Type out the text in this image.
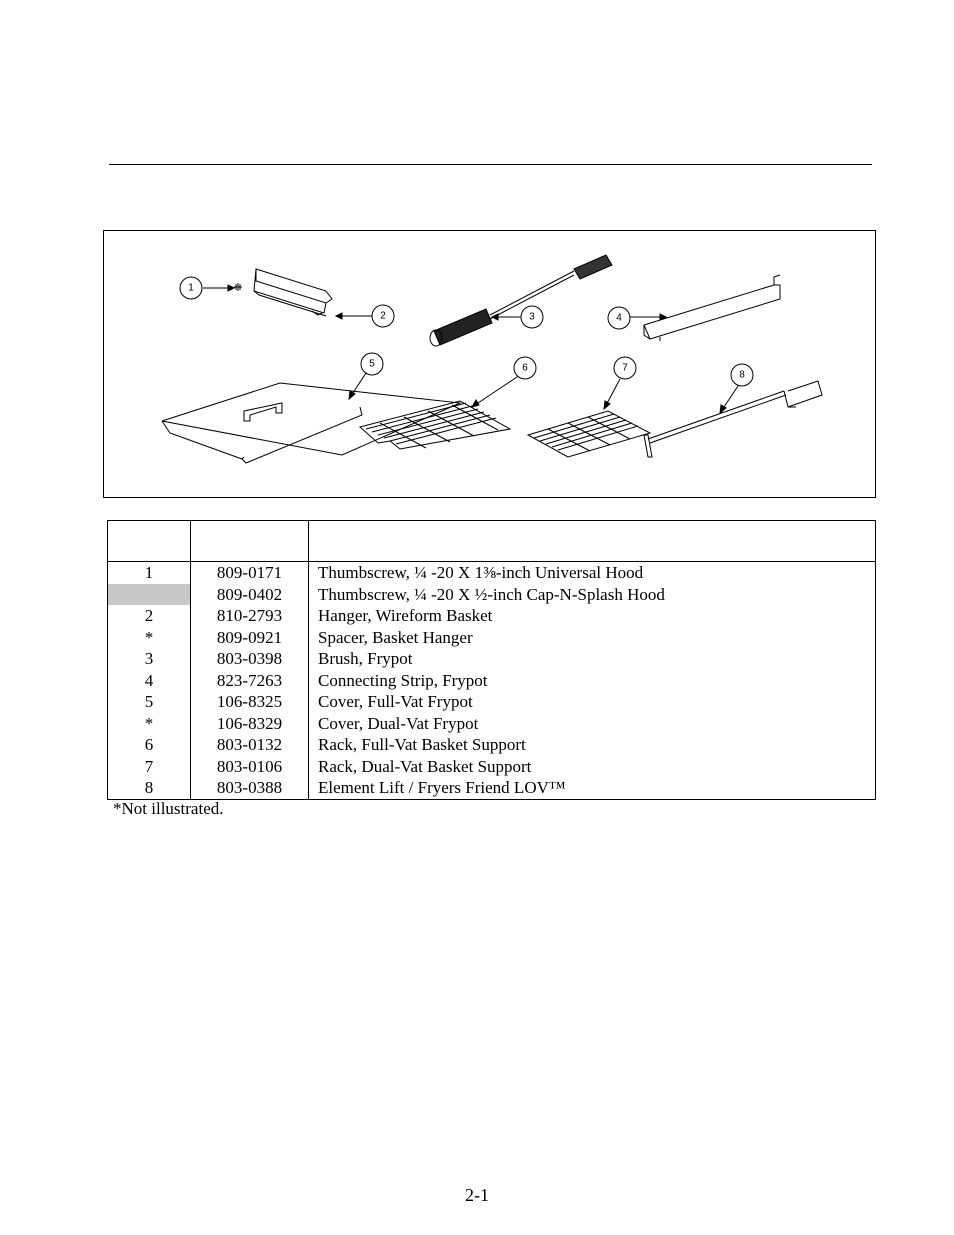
1
2	3	4
5	6	7
8

1	809-0171	Thumbscrew, ¼ -20 X 1⅜-inch Universal Hood
	809-0402	Thumbscrew, ¼ -20 X ½-inch Cap-N-Splash Hood
2	810-2793	Hanger, Wireform Basket
*	809-0921	Spacer, Basket Hanger
3	803-0398	Brush, Frypot
4	823-7263	Connecting Strip, Frypot
5	106-8325	Cover, Full-Vat Frypot
*	106-8329	Cover, Dual-Vat Frypot
6	803-0132	Rack, Full-Vat Basket Support
7	803-0106	Rack, Dual-Vat Basket Support
8	803-0388	Element Lift / Fryers Friend LOV™
*Not illustrated.
2-1
